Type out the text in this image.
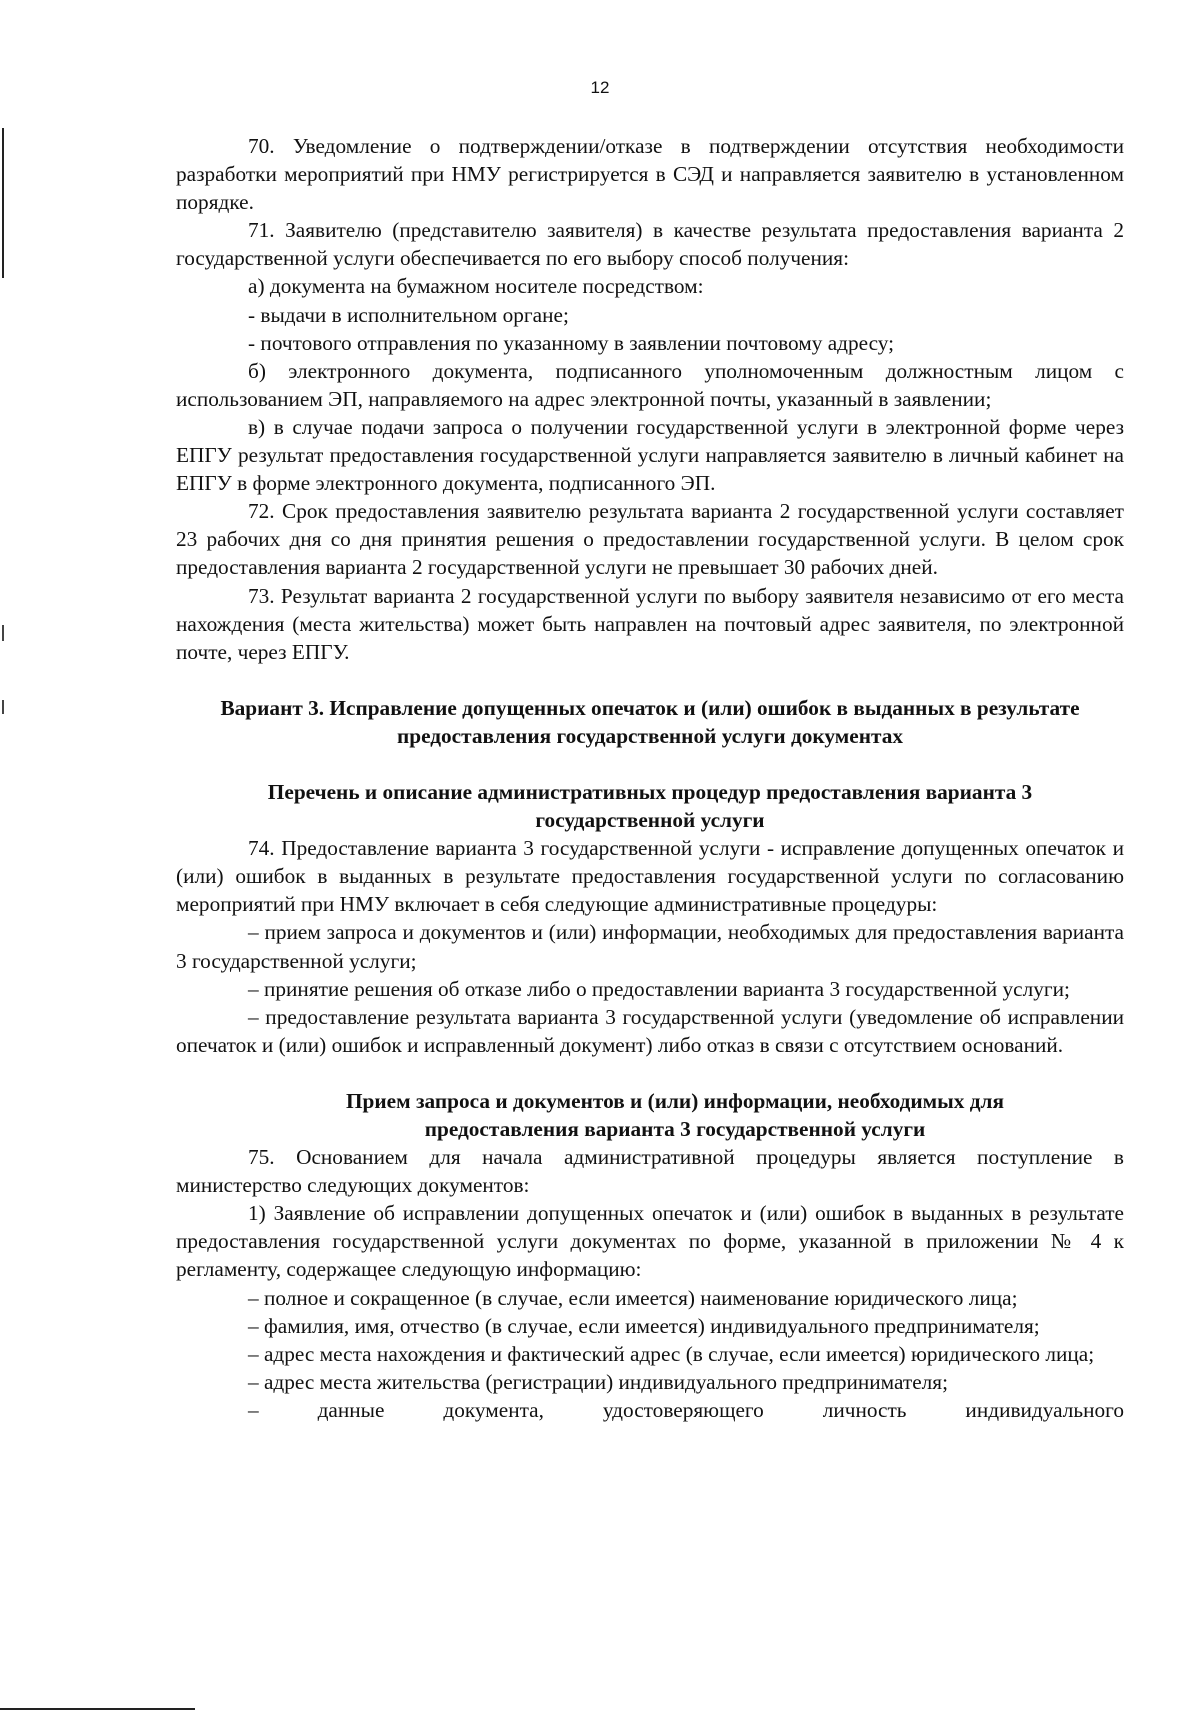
12

70. Уведомление о подтверждении/отказе в подтверждении отсутствия необходимости разработки мероприятий при НМУ регистрируется в СЭД и направляется заявителю в установленном порядке.

71. Заявителю (представителю заявителя) в качестве результата предоставления варианта 2 государственной услуги обеспечивается по его выбору способ получения:

а) документа на бумажном носителе посредством:

- выдачи в исполнительном органе;

- почтового отправления по указанному в заявлении почтовому адресу;

б) электронного документа, подписанного уполномоченным должностным лицом с использованием ЭП, направляемого на адрес электронной почты, указанный в заявлении;

в) в случае подачи запроса о получении государственной услуги в электронной форме через ЕПГУ результат предоставления государственной услуги направляется заявителю в личный кабинет на ЕПГУ в форме электронного документа, подписанного ЭП.

72. Срок предоставления заявителю результата варианта 2 государственной услуги составляет 23 рабочих дня со дня принятия решения о предоставлении государственной услуги. В целом срок предоставления варианта 2 государственной услуги не превышает 30 рабочих дней.

73. Результат варианта 2 государственной услуги по выбору заявителя независимо от его места нахождения (места жительства) может быть направлен на почтовый адрес заявителя, по электронной почте, через ЕПГУ.

Вариант 3. Исправление допущенных опечаток и (или) ошибок в выданных в результате предоставления государственной услуги документах

Перечень и описание административных процедур предоставления варианта 3 государственной услуги

74. Предоставление варианта 3 государственной услуги - исправление допущенных опечаток и (или) ошибок в выданных в результате предоставления государственной услуги по согласованию мероприятий при НМУ включает в себя следующие административные процедуры:

– прием запроса и документов и (или) информации, необходимых для предоставления варианта 3 государственной услуги;

– принятие решения об отказе либо о предоставлении варианта 3 государственной услуги;

– предоставление результата варианта 3 государственной услуги (уведомление об исправлении опечаток и (или) ошибок и исправленный документ) либо отказ в связи с отсутствием оснований.

Прием запроса и документов и (или) информации, необходимых для предоставления варианта 3 государственной услуги

75. Основанием для начала административной процедуры является поступление в министерство следующих документов:

1) Заявление об исправлении допущенных опечаток и (или) ошибок в выданных в результате предоставления государственной услуги документах по форме, указанной в приложении № 4 к регламенту, содержащее следующую информацию:

– полное и сокращенное (в случае, если имеется) наименование юридического лица;

– фамилия, имя, отчество (в случае, если имеется) индивидуального предпринимателя;

– адрес места нахождения и фактический адрес (в случае, если имеется) юридического лица;

– адрес места жительства (регистрации) индивидуального предпринимателя;

– данные документа, удостоверяющего личность индивидуального
